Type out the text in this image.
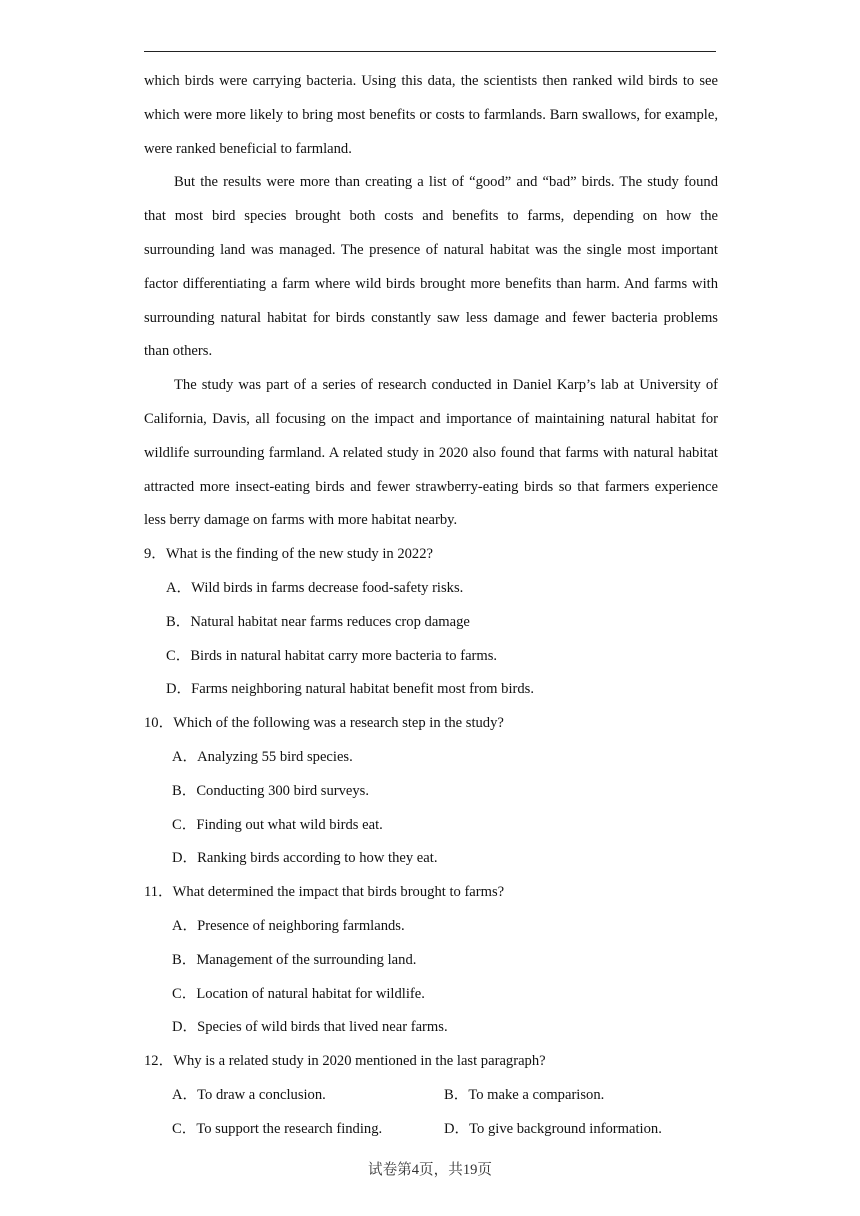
which birds were carrying bacteria. Using this data, the scientists then ranked wild birds to see which were more likely to bring most benefits or costs to farmlands. Barn swallows, for example, were ranked beneficial to farmland.

But the results were more than creating a list of “good” and “bad” birds. The study found that most bird species brought both costs and benefits to farms, depending on how the surrounding land was managed. The presence of natural habitat was the single most important factor differentiating a farm where wild birds brought more benefits than harm. And farms with surrounding natural habitat for birds constantly saw less damage and fewer bacteria problems than others.

The study was part of a series of research conducted in Daniel Karp’s lab at University of California, Davis, all focusing on the impact and importance of maintaining natural habitat for wildlife surrounding farmland. A related study in 2020 also found that farms with natural habitat attracted more insect-eating birds and fewer strawberry-eating birds so that farmers experience less berry damage on farms with more habitat nearby.

9．What is the finding of the new study in 2022?

A．Wild birds in farms decrease food-safety risks.

B．Natural habitat near farms reduces crop damage

C．Birds in natural habitat carry more bacteria to farms.

D．Farms neighboring natural habitat benefit most from birds.

10．Which of the following was a research step in the study?

A．Analyzing 55 bird species.

B．Conducting 300 bird surveys.

C．Finding out what wild birds eat.

D．Ranking birds according to how they eat.

11．What determined the impact that birds brought to farms?

A．Presence of neighboring farmlands.

B．Management of the surrounding land.

C．Location of natural habitat for wildlife.

D．Species of wild birds that lived near farms.

12．Why is a related study in 2020 mentioned in the last paragraph?

A．To draw a conclusion.	B．To make a comparison.

C．To support the research finding.	D．To give background information.

试卷第4页，共19页
